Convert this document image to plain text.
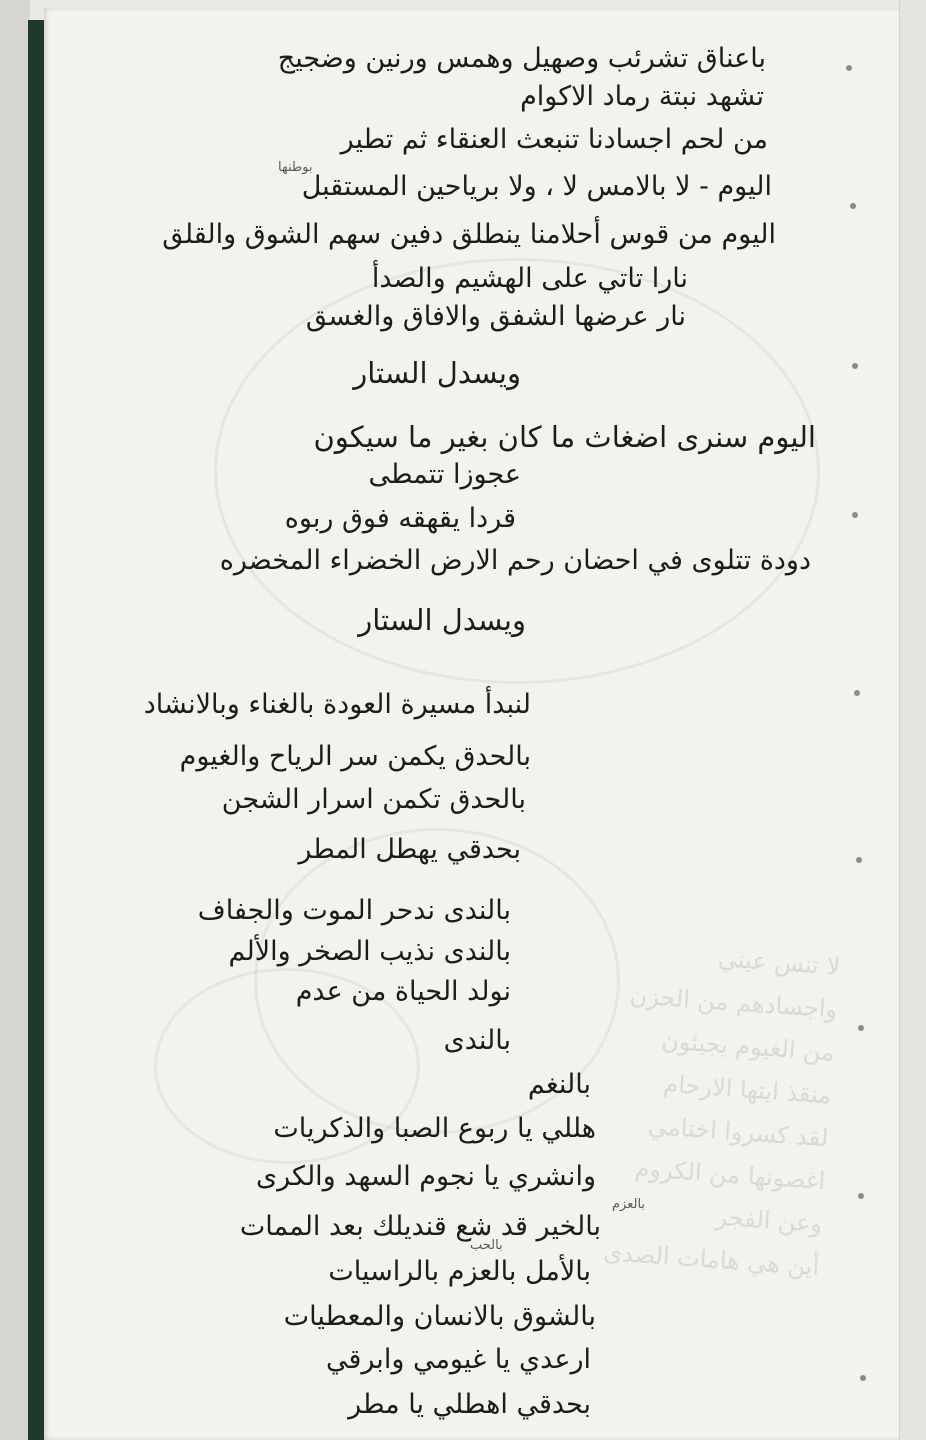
لا تنس عيني
واجسادهم من الحزن
من الغيوم يجيئون
منقذ ايتها الارحام
لقد كسروا اختامي
اغصونها من الكروم
وعن الفجر
أين هي هامات الصدى
باعناق تشرئب وصهيل وهمس ورنين وضجيج
تشهد نبتة رماد الاكوام
من لحم اجسادنا تنبعث العنقاء ثم تطير
اليوم - لا بالامس لا ، ولا برياحين المستقبل
اليوم من قوس أحلامنا ينطلق دفين سهم الشوق والقلق
نارا تاتي على الهشيم والصدأ
نار عرضها الشفق والافاق والغسق
ويسدل الستار
اليوم سنرى اضغاث ما كان بغير ما سيكون
عجوزا تتمطى
قردا يقهقه فوق ربوه
دودة تتلوى في احضان رحم الارض الخضراء المخضره
ويسدل الستار
لنبدأ مسيرة العودة بالغناء وبالانشاد
بالحدق يكمن سر الرياح والغيوم
بالحدق تكمن اسرار الشجن
بحدقي يهطل المطر
بالندى ندحر الموت والجفاف
بالندى نذيب الصخر والألم
نولد الحياة من عدم
بالندى
بالنغم
هللي يا ربوع الصبا والذكريات
وانشري يا نجوم السهد والكرى
بالخير قد شع قنديلك بعد الممات
بالأمل بالعزم بالراسيات
بالشوق بالانسان والمعطيات
ارعدي يا غيومي وابرقي
بحدقي اهطلي يا مطر
بوطنها
بالعزم
بالحب
